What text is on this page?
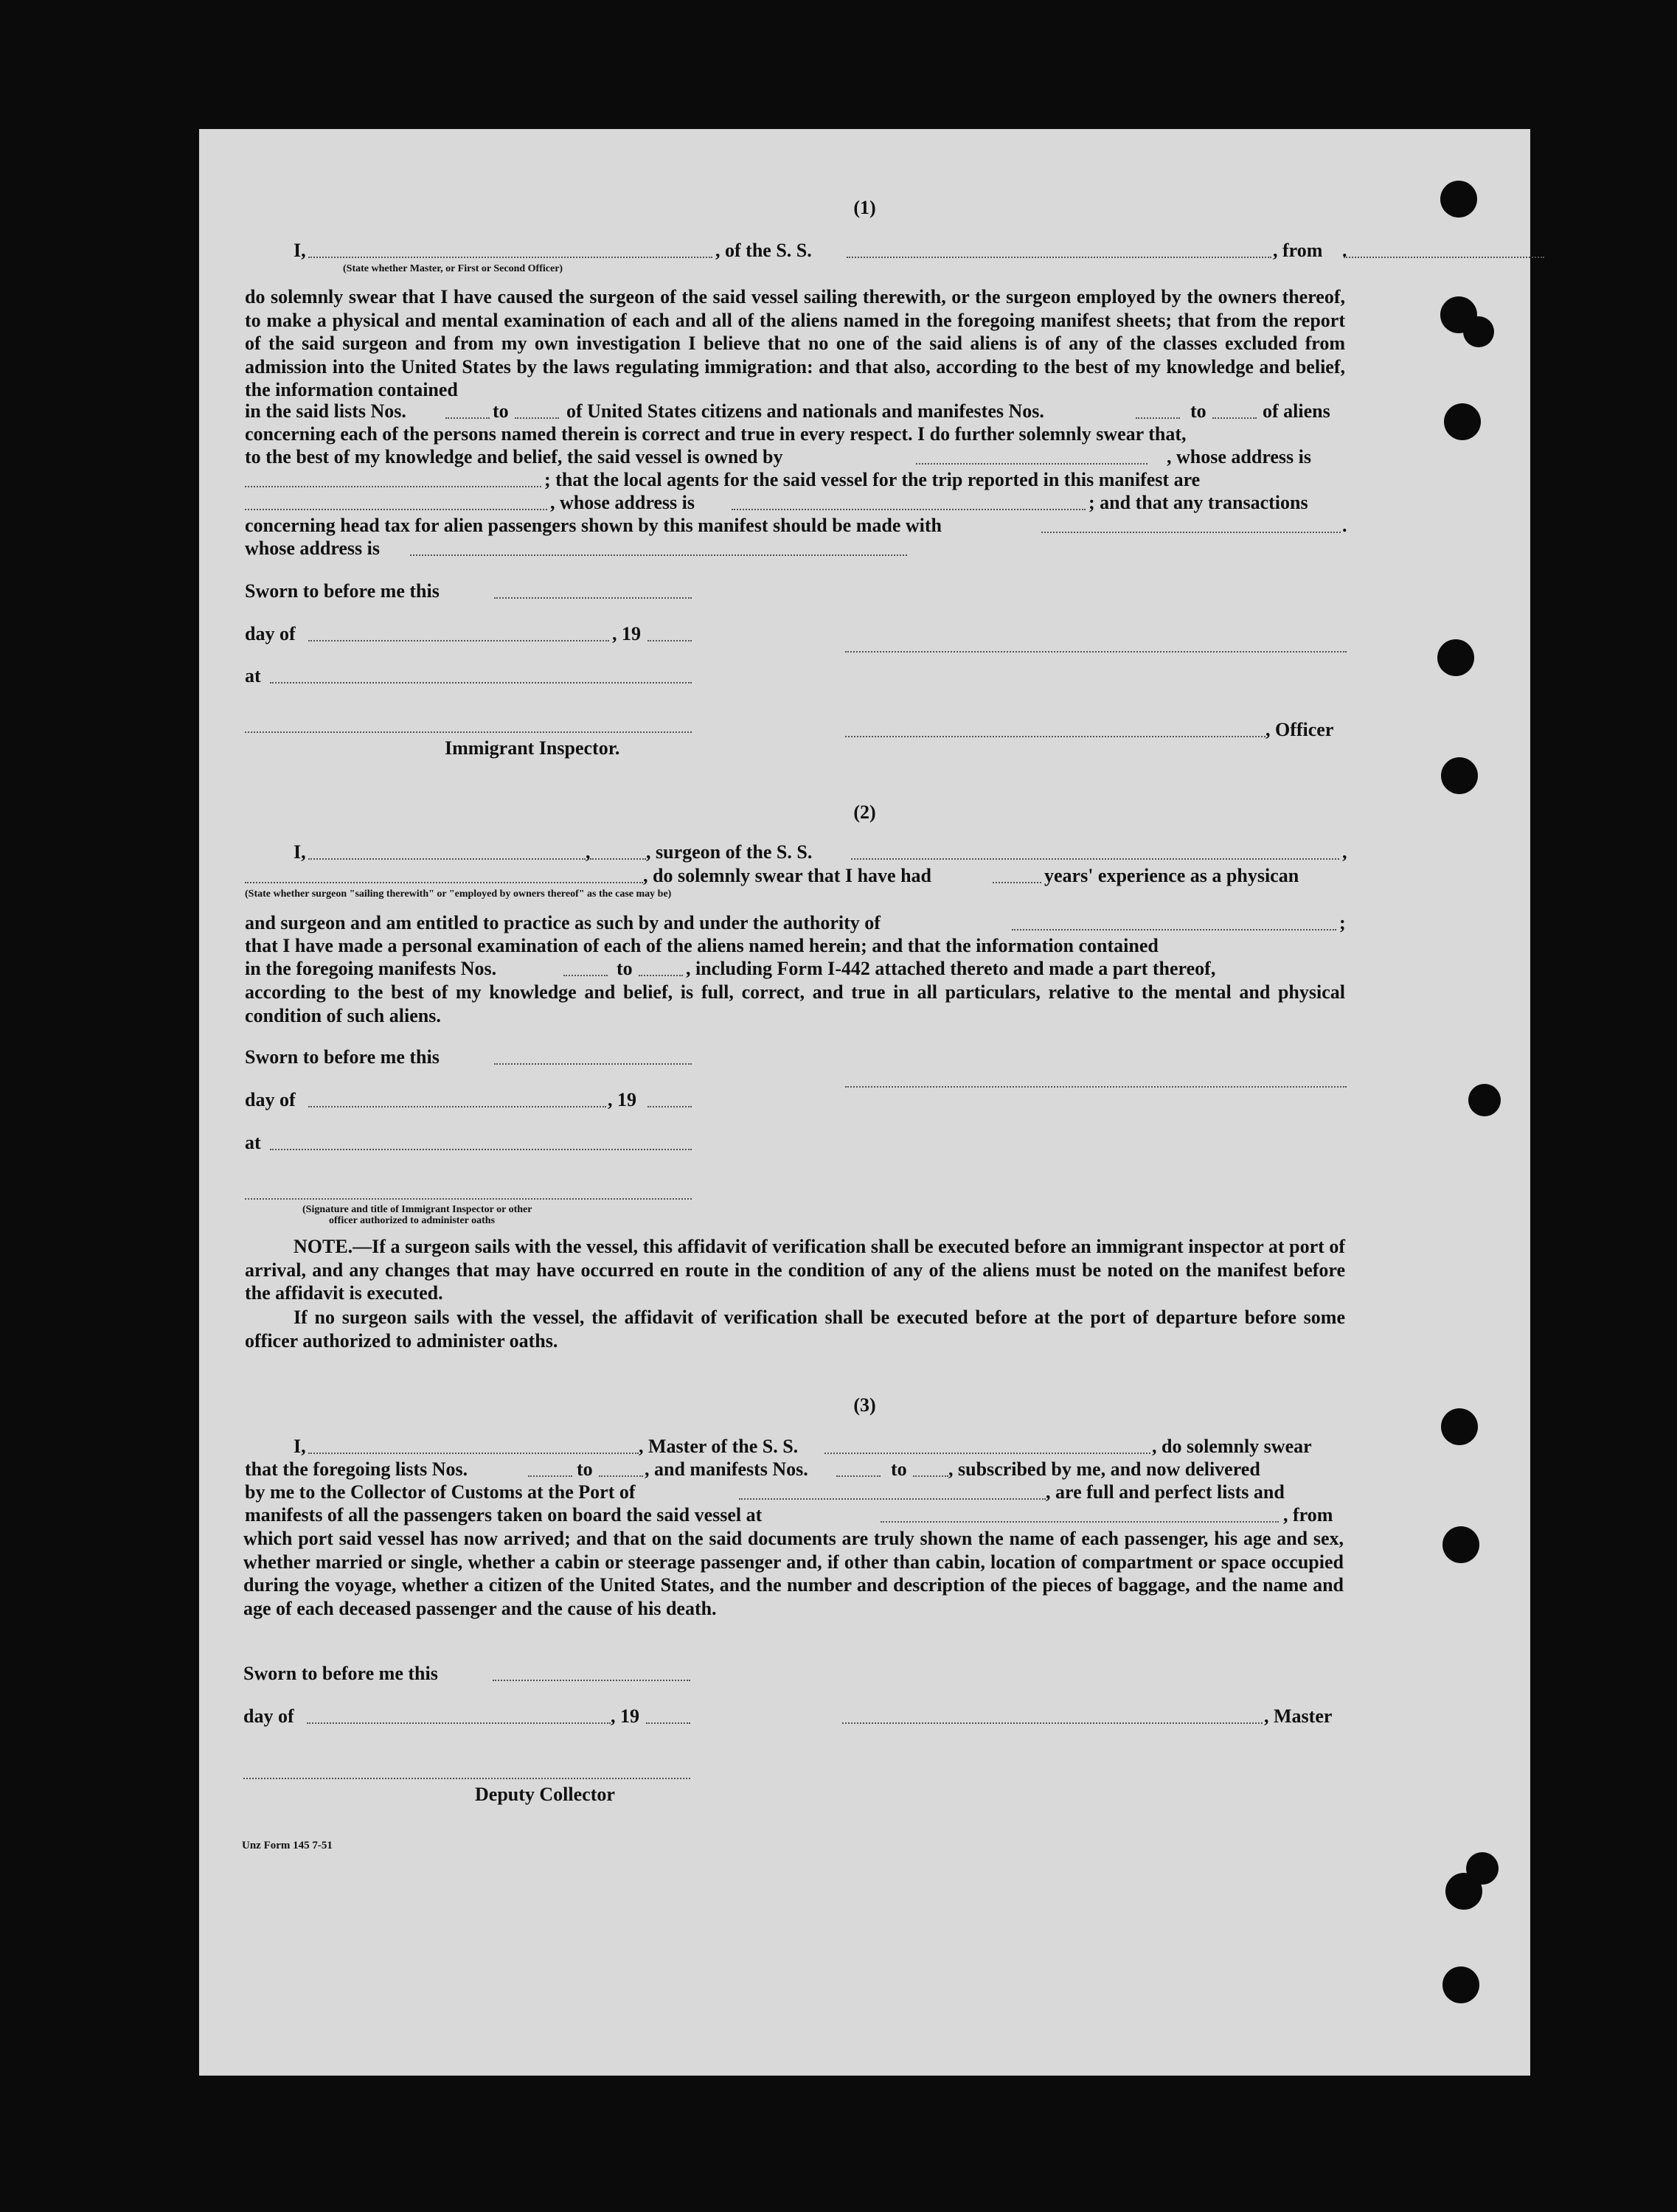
(1)
I,	, of the S. S.	, from .
(State whether Master, or First or Second Officer)
do solemnly swear that I have caused the surgeon of the said vessel sailing therewith, or the surgeon employed by the owners thereof, to make a physical and mental examination of each and all of the aliens named in the foregoing manifest sheets; that from the report of the said surgeon and from my own investigation I believe that no one of the said aliens is of any of the classes excluded from admission into the United States by the laws regulating immigration: and that also, according to the best of my knowledge and belief, the information contained
in the said lists Nos.	to	of United States citizens and nationals and manifestes Nos.	to	of aliens
concerning each of the persons named therein is correct and true in every respect. I do further solemnly swear that,
to the best of my knowledge and belief, the said vessel is owned by	, whose address is
; that the local agents for the said vessel for the trip reported in this manifest are
, whose address is	; and that any transactions
concerning head tax for alien passengers shown by this manifest should be made with	.
whose address is
Sworn to before me this
day of	, 19
at
, Officer
Immigrant Inspector.
(2)
I,	,	, surgeon of the S. S.	,
, do solemnly swear that I have had	years' experience as a physican
(State whether surgeon "sailing therewith" or "employed by owners thereof" as the case may be)
and surgeon and am entitled to practice as such by and under the authority of	;
that I have made a personal examination of each of the aliens named herein; and that the information contained
in the foregoing manifests Nos.	to	, including Form I-442 attached thereto and made a part thereof,
according to the best of my knowledge and belief, is full, correct, and true in all particulars, relative to the mental and physical condition of such aliens.
Sworn to before me this
day of	, 19
at
(Signature and title of Immigrant Inspector or other
officer authorized to administer oaths
NOTE.—If a surgeon sails with the vessel, this affidavit of verification shall be executed before an immigrant inspector at port of arrival, and any changes that may have occurred en route in the condition of any of the aliens must be noted on the manifest before the affidavit is executed.
If no surgeon sails with the vessel, the affidavit of verification shall be executed before at the port of departure before some officer authorized to administer oaths.
(3)
I,	, Master of the S. S.	, do solemnly swear
that the foregoing lists Nos.	to	, and manifests Nos.	to , subscribed by me, and now delivered
by me to the Collector of Customs at the Port of	, are full and perfect lists and
manifests of all the passengers taken on board the said vessel at	, from
which port said vessel has now arrived; and that on the said documents are truly shown the name of each passenger, his age and sex, whether married or single, whether a cabin or steerage passenger and, if other than cabin, location of compartment or space occupied during the voyage, whether a citizen of the United States, and the number and description of the pieces of baggage, and the name and age of each deceased passenger and the cause of his death.
Sworn to before me this
day of	, 19	, Master
Deputy Collector
Unz Form 145 7-51
